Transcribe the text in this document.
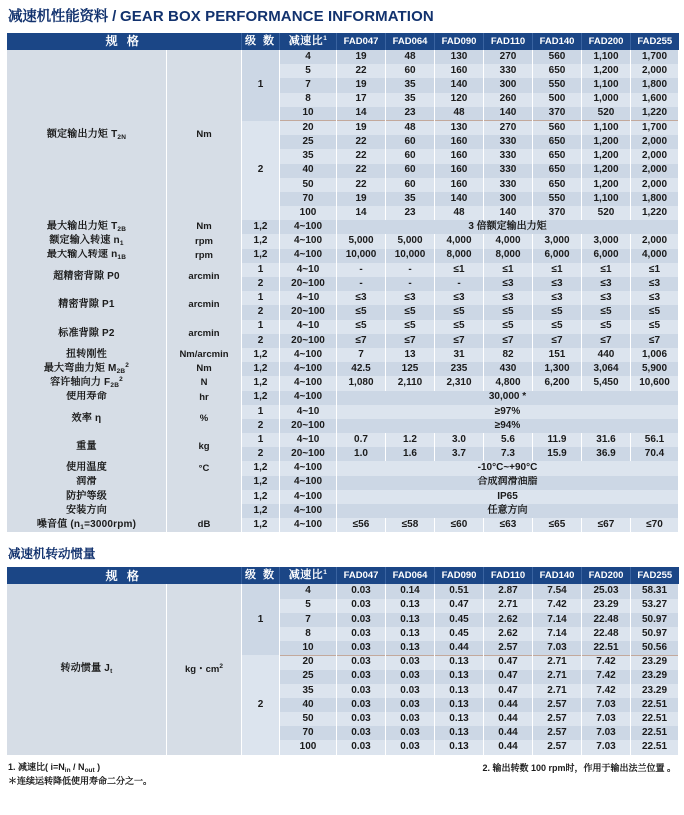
减速机性能资料 / GEAR BOX PERFORMANCE INFORMATION
规 格		级 数	减速比$^1$	FAD047	FAD064	FAD090	FAD110	FAD140	FAD200	FAD255
额定输出力矩 $T_{2N}$	Nm	1	4	19	48	130	270	560	1,100	1,700
			5	22	60	160	330	650	1,200	2,000
			7	19	35	140	300	550	1,100	1,800
			8	17	35	120	260	500	1,000	1,600
			10	14	23	48	140	370	520	1,220
		2	20	19	48	130	270	560	1,100	1,700
			25	22	60	160	330	650	1,200	2,000
			35	22	60	160	330	650	1,200	2,000
			40	22	60	160	330	650	1,200	2,000
			50	22	60	160	330	650	1,200	2,000
			70	19	35	140	300	550	1,100	1,800
			100	14	23	48	140	370	520	1,220
最大输出力矩 $T_{2B}$	Nm	1,2	4~100	3 倍额定输出力矩						
额定输入转速 $n_1$	rpm	1,2	4~100	5,000	5,000	4,000	4,000	3,000	3,000	2,000
最大输入转速 $n_{1B}$	rpm	1,2	4~100	10,000	10,000	8,000	8,000	6,000	6,000	4,000
超精密背隙 P0	arcmin	1	4~10	-	-	≤1	≤1	≤1	≤1	≤1
		2	20~100	-	-	-	≤3	≤3	≤3	≤3
精密背隙 P1	arcmin	1	4~10	≤3	≤3	≤3	≤3	≤3	≤3	≤3
		2	20~100	≤5	≤5	≤5	≤5	≤5	≤5	≤5
标准背隙 P2	arcmin	1	4~10	≤5	≤5	≤5	≤5	≤5	≤5	≤5
		2	20~100	≤7	≤7	≤7	≤7	≤7	≤7	≤7
扭转刚性	Nm/arcmin	1,2	4~100	7	13	31	82	151	440	1,006
最大弯曲力矩 $M_{2B}^2$	Nm	1,2	4~100	42.5	125	235	430	1,300	3,064	5,900
容许轴向力 $F_{2B}^2$	N	1,2	4~100	1,080	2,110	2,310	4,800	6,200	5,450	10,600
使用寿命	hr	1,2	4~100	30,000 *						
效率 η	%	1	4~10	≥97%						
		2	20~100	≥94%						
重量	kg	1	4~10	0.7	1.2	3.0	5.6	11.9	31.6	56.1
		2	20~100	1.0	1.6	3.7	7.3	15.9	36.9	70.4
使用温度	°C	1,2	4~100	-10°C~+90°C						
润滑		1,2	4~100	合成润滑油脂						
防护等级		1,2	4~100	IP65						
安装方向		1,2	4~100	任意方向						
噪音值 $(n_1=3000rpm)$	dB	1,2	4~100	≤56	≤58	≤60	≤63	≤65	≤67	≤70
减速机转动惯量
规 格		级 数	减速比$^1$	FAD047	FAD064	FAD090	FAD110	FAD140	FAD200	FAD255
转动惯量 $J_t$	kg・$cm^2$	1	4	0.03	0.14	0.51	2.87	7.54	25.03	58.31
			5	0.03	0.13	0.47	2.71	7.42	23.29	53.27
			7	0.03	0.13	0.45	2.62	7.14	22.48	50.97
			8	0.03	0.13	0.45	2.62	7.14	22.48	50.97
			10	0.03	0.13	0.44	2.57	7.03	22.51	50.56
		2	20	0.03	0.03	0.13	0.47	2.71	7.42	23.29
			25	0.03	0.03	0.13	0.47	2.71	7.42	23.29
			35	0.03	0.03	0.13	0.47	2.71	7.42	23.29
			40	0.03	0.03	0.13	0.44	2.57	7.03	22.51
			50	0.03	0.03	0.13	0.44	2.57	7.03	22.51
			70	0.03	0.03	0.13	0.44	2.57	7.03	22.51
			100	0.03	0.03	0.13	0.44	2.57	7.03	22.51
1. 减速比( $i=N_{in} / N_{out}$ )
＊连续运转降低使用寿命二分之一。
2. 输出转数 100 rpm时，作用于输出法兰位置 。
